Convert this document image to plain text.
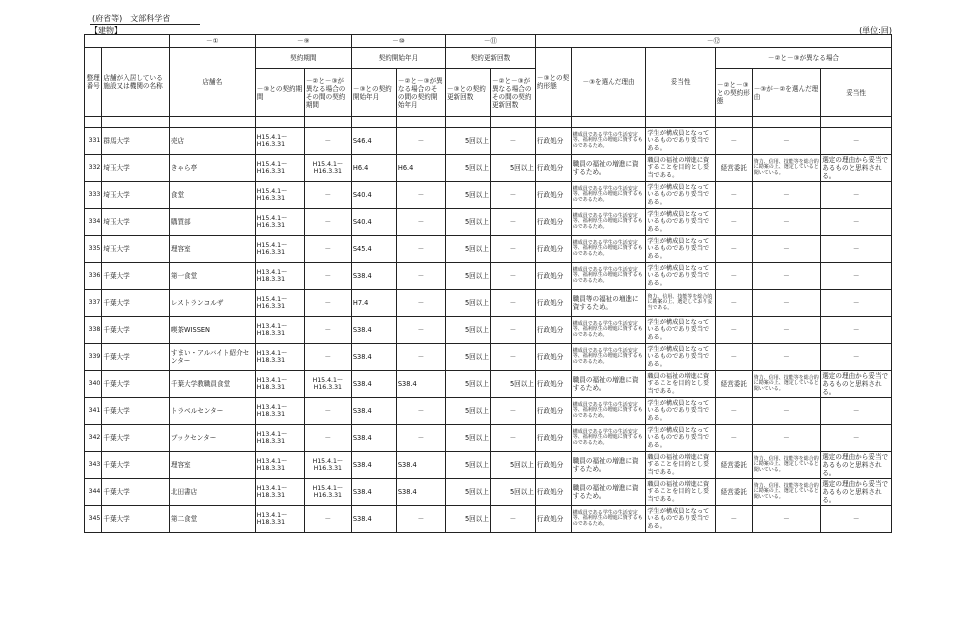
(府省等)　文部科学省
【建物】	(単位:回)
		－①	－⑨		－⑩		－⑪		－⑫					
整理番号	店舗が入居している施設又は機関の名称	店舗名	契約期間		契約開始年月		契約更新回数		－③との契約形態	－③を選んだ理由	妥当性	－②と－③が異なる場合		
			－③との契約期間	－②と－③が異なる場合のその間の契約期間	－③との契約開始年月	－②と－③が異なる場合のその間の契約開始年月	－③との契約更新回数	－②と－③が異なる場合のその間の契約更新回数				－②と－③との契約形態	－③が－②を選んだ理由	妥当性

331	群馬大学	売店	H15.4.1～ H16.3.31	－	S46.4	－	5回以上	－	行政処分	構成員である学生の生活安定等、福利厚生の増進に資するものであるため。	学生が構成員となっているものであり妥当である。	－	－	－
332	埼玉大学	きゃら亭	H15.4.1～ H16.3.31	H15.4.1～ H16.3.31	H6.4	H6.4	5回以上	5回以上	行政処分	職員の福祉の増進に資するため。	職員の福祉の増進に資することを目的とし妥当である。	経営委託	資力、信用、技能等を総合的に勘案の上、選定していると聞いている。	選定の理由から妥当であるものと思料される。
333	埼玉大学	食堂	H15.4.1～ H16.3.31	－	S40.4	－	5回以上	－	行政処分	構成員である学生の生活安定等、福利厚生の増進に資するものであるため。	学生が構成員となっているものであり妥当である。	－	－	－
334	埼玉大学	購買部	H15.4.1～ H16.3.31	－	S40.4	－	5回以上	－	行政処分	構成員である学生の生活安定等、福利厚生の増進に資するものであるため。	学生が構成員となっているものであり妥当である。	－	－	－
335	埼玉大学	理容室	H15.4.1～ H16.3.31	－	S45.4	－	5回以上	－	行政処分	構成員である学生の生活安定等、福利厚生の増進に資するものであるため。	学生が構成員となっているものであり妥当である。	－	－	－
336	千葉大学	第一食堂	H13.4.1～ H18.3.31	－	S38.4	－	5回以上	－	行政処分	構成員である学生の生活安定等、福利厚生の増進に資するものであるため。	学生が構成員となっているものであり妥当である。	－	－	－
337	千葉大学	レストランコルザ	H15.4.1～ H16.3.31	－	H7.4	－	5回以上	－	行政処分	職員等の福祉の増進に資するため。	資力、信用、技能等を総合的に勘案の上、選定しており妥当である。	－	－	－
338	千葉大学	喫茶WISSEN	H13.4.1～ H18.3.31	－	S38.4	－	5回以上	－	行政処分	構成員である学生の生活安定等、福利厚生の増進に資するものであるため。	学生が構成員となっているものであり妥当である。	－	－	－
339	千葉大学	すまい・アルバイト紹介センター	H13.4.1～ H18.3.31	－	S38.4	－	5回以上	－	行政処分	構成員である学生の生活安定等、福利厚生の増進に資するものであるため。	学生が構成員となっているものであり妥当である。	－	－	－
340	千葉大学	千葉大学教職員食堂	H13.4.1～ H18.3.31	H15.4.1～ H16.3.31	S38.4	S38.4	5回以上	5回以上	行政処分	職員の福祉の増進に資するため。	職員の福祉の増進に資することを目的とし妥当である。	経営委託	資力、信用、技能等を総合的に勘案の上、選定していると聞いている。	選定の理由から妥当であるものと思料される。
341	千葉大学	トラベルセンター	H13.4.1～ H18.3.31	－	S38.4	－	5回以上	－	行政処分	構成員である学生の生活安定等、福利厚生の増進に資するものであるため。	学生が構成員となっているものであり妥当である。	－	－	－
342	千葉大学	ブックセンター	H13.4.1～ H18.3.31	－	S38.4	－	5回以上	－	行政処分	構成員である学生の生活安定等、福利厚生の増進に資するものであるため。	学生が構成員となっているものであり妥当である。	－	－	－
343	千葉大学	理容室	H13.4.1～ H18.3.31	H15.4.1～ H16.3.31	S38.4	S38.4	5回以上	5回以上	行政処分	職員の福祉の増進に資するため。	職員の福祉の増進に資することを目的とし妥当である。	経営委託	資力、信用、技能等を総合的に勘案の上、選定していると聞いている。	選定の理由から妥当であるものと思料される。
344	千葉大学	北田書店	H13.4.1～ H18.3.31	H15.4.1～ H16.3.31	S38.4	S38.4	5回以上	5回以上	行政処分	職員の福祉の増進に資するため。	職員の福祉の増進に資することを目的とし妥当である。	経営委託	資力、信用、技能等を総合的に勘案の上、選定していると聞いている。	選定の理由から妥当であるものと思料される。
345	千葉大学	第二食堂	H13.4.1～ H18.3.31	－	S38.4	－	5回以上	－	行政処分	構成員である学生の生活安定等、福利厚生の増進に資するものであるため。	学生が構成員となっているものであり妥当である。	－	－	－
